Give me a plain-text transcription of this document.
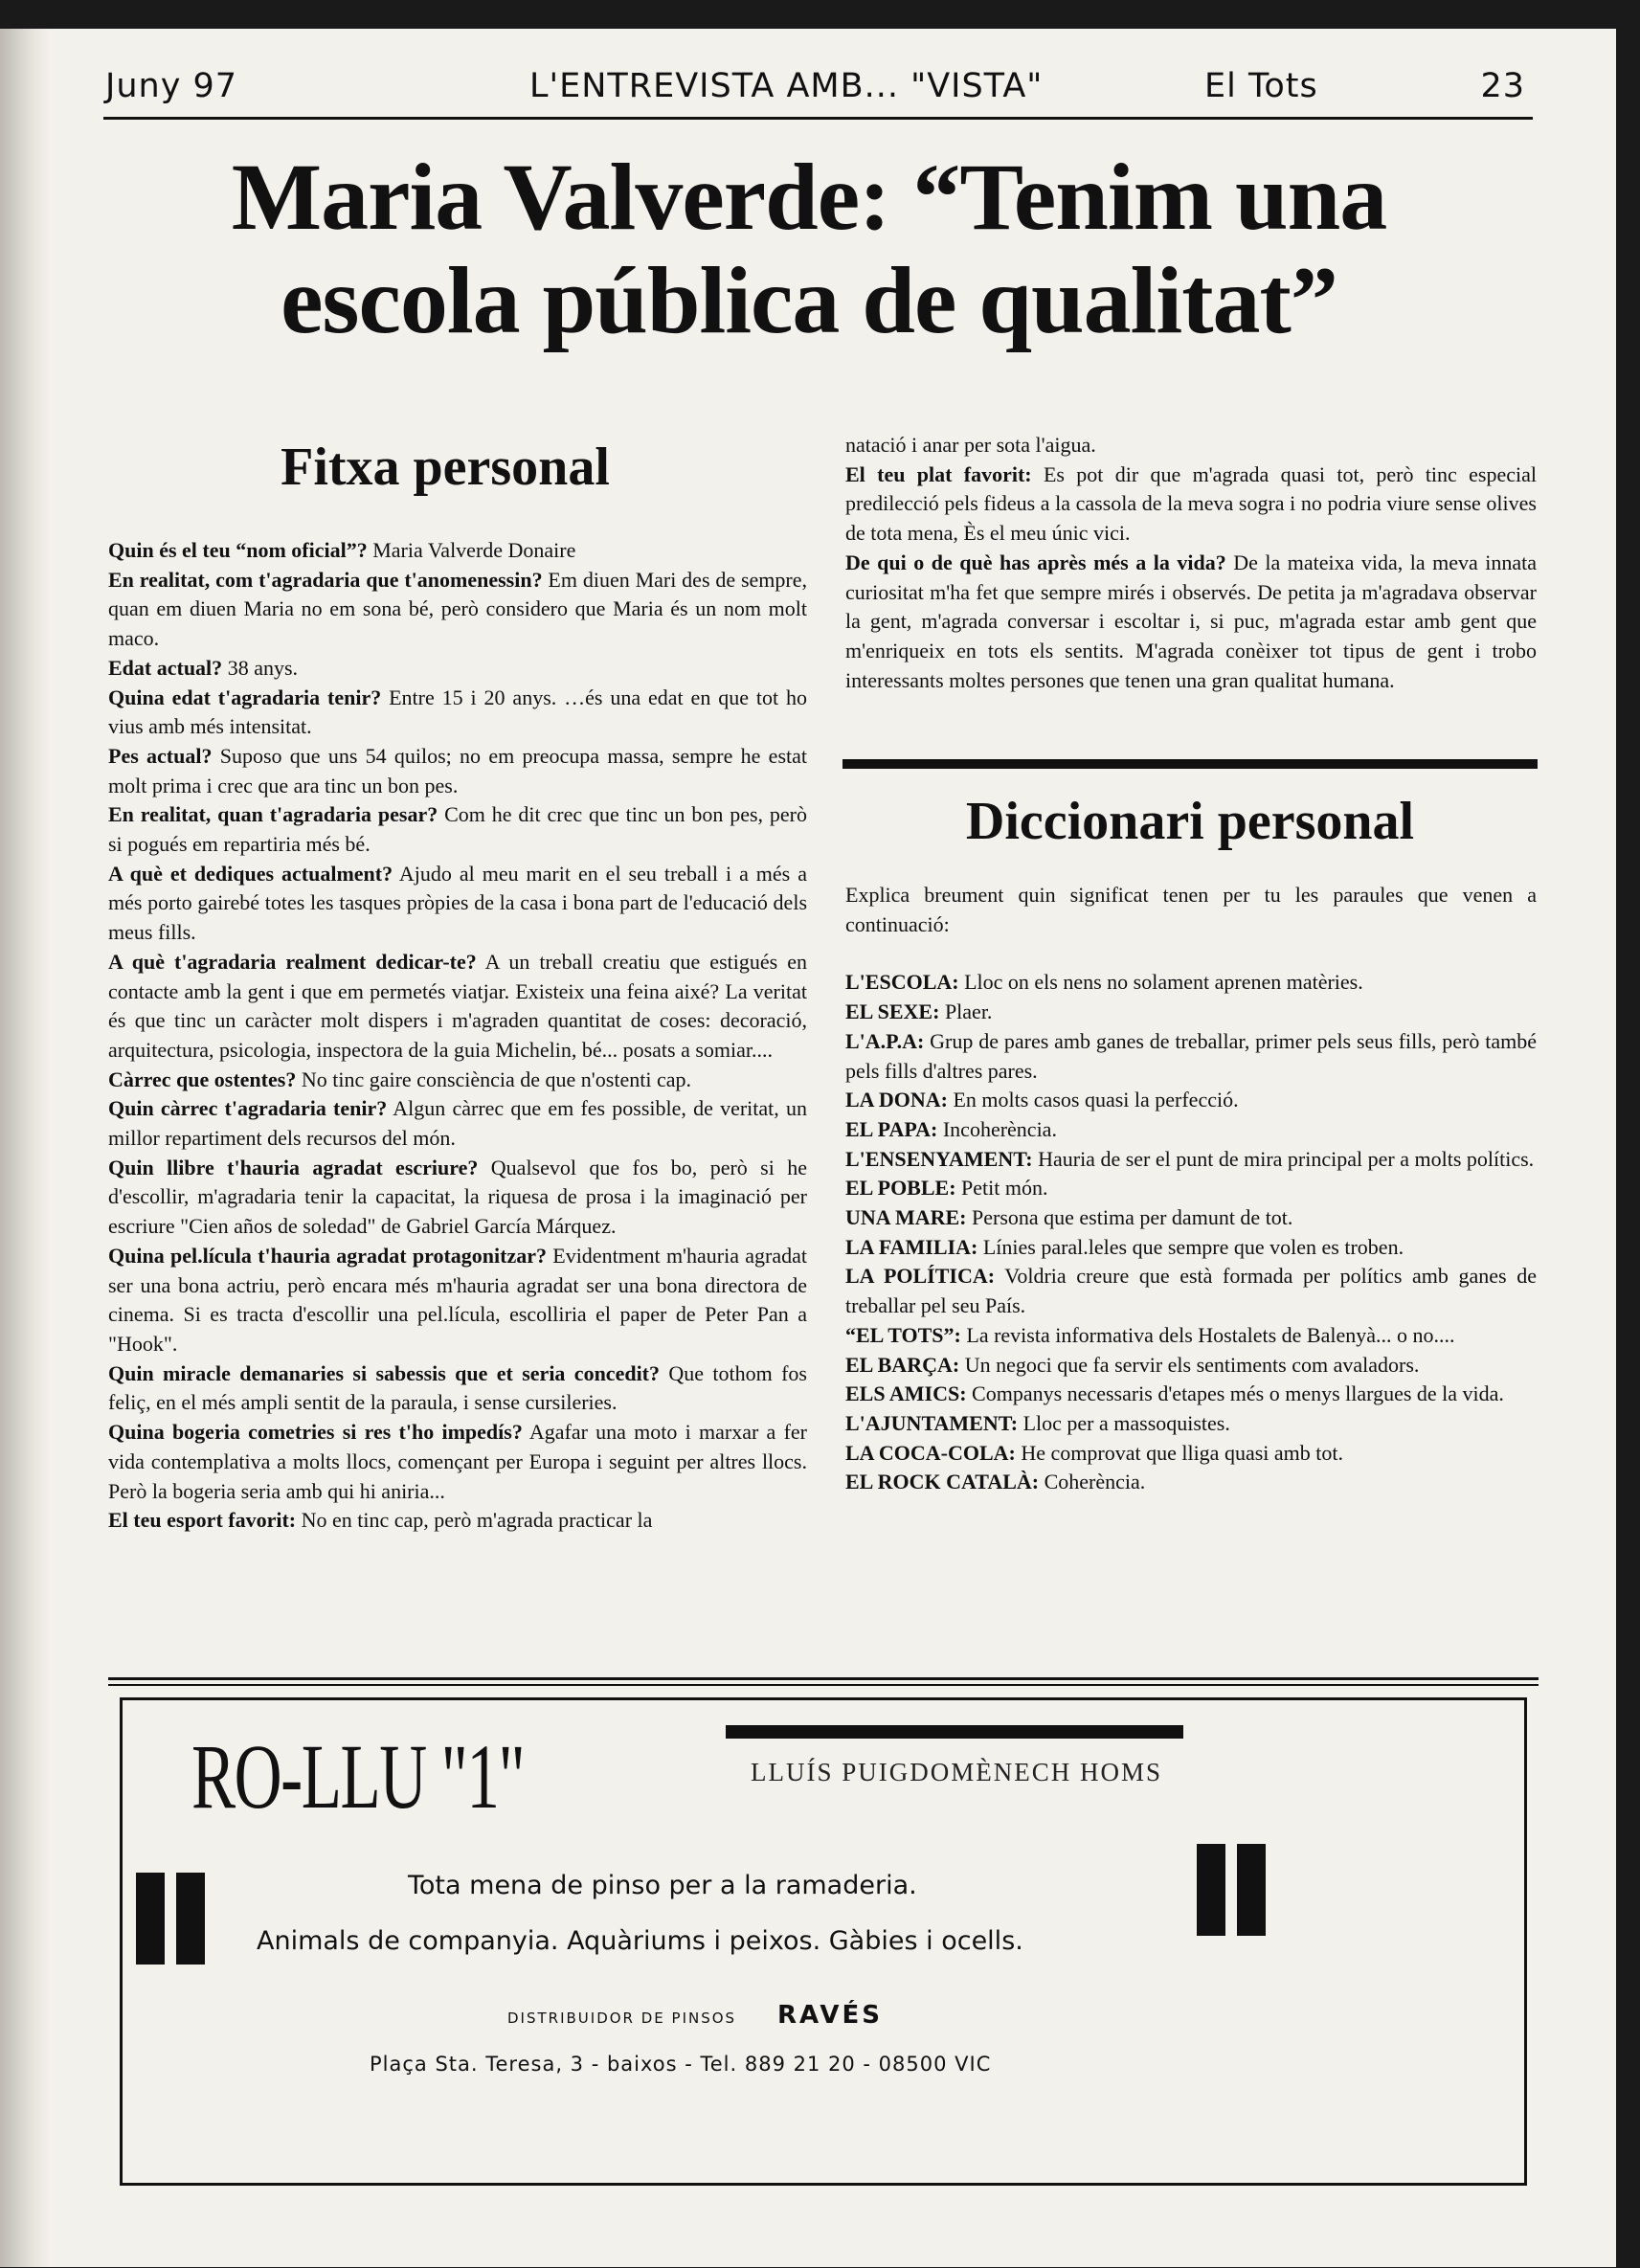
Juny 97	L'ENTREVISTA AMB... "VISTA"	El Tots	23
Maria Valverde: “Tenim una
escola pública de qualitat”
Fitxa personal

Quin és el teu “nom oficial”? Maria Valverde Donaire

En realitat, com t'agradaria que t'anomenessin? Em diuen Mari des de sempre, quan em diuen Maria no em sona bé, però considero que Maria és un nom molt maco.

Edat actual? 38 anys.

Quina edat t'agradaria tenir? Entre 15 i 20 anys. …és una edat en que tot ho vius amb més intensitat.

Pes actual? Suposo que uns 54 quilos; no em preocupa massa, sempre he estat molt prima i crec que ara tinc un bon pes.

En realitat, quan t'agradaria pesar? Com he dit crec que tinc un bon pes, però si pogués em repartiria més bé.

A què et dediques actualment? Ajudo al meu marit en el seu treball i a més a més porto gairebé totes les tasques pròpies de la casa i bona part de l'educació dels meus fills.

A què t'agradaria realment dedicar-te? A un treball creatiu que estigués en contacte amb la gent i que em permetés viatjar. Existeix una feina aixé? La veritat és que tinc un caràcter molt dispers i m'agraden quantitat de coses: decoració, arquitectura, psicologia, inspectora de la guia Michelin, bé... posats a somiar....

Càrrec que ostentes? No tinc gaire consciència de que n'ostenti cap.

Quin càrrec t'agradaria tenir? Algun càrrec que em fes possible, de veritat, un millor repartiment dels recursos del món.

Quin llibre t'hauria agradat escriure? Qualsevol que fos bo, però si he d'escollir, m'agradaria tenir la capacitat, la riquesa de prosa i la imaginació per escriure "Cien años de soledad" de Gabriel García Márquez.

Quina pel.lícula t'hauria agradat protagonitzar? Evidentment m'hauria agradat ser una bona actriu, però encara més m'hauria agradat ser una bona directora de cinema. Si es tracta d'escollir una pel.lícula, escolliria el paper de Peter Pan a "Hook".

Quin miracle demanaries si sabessis que et seria concedit? Que tothom fos feliç, en el més ampli sentit de la paraula, i sense cursileries.

Quina bogeria cometries si res t'ho impedís? Agafar una moto i marxar a fer vida contemplativa a molts llocs, començant per Europa i seguint per altres llocs. Però la bogeria seria amb qui hi aniria...

El teu esport favorit: No en tinc cap, però m'agrada practicar la

natació i anar per sota l'aigua.

El teu plat favorit: Es pot dir que m'agrada quasi tot, però tinc especial predilecció pels fideus a la cassola de la meva sogra i no podria viure sense olives de tota mena, Ès el meu únic vici.

De qui o de què has après més a la vida? De la mateixa vida, la meva innata curiositat m'ha fet que sempre mirés i observés. De petita ja m'agradava observar la gent, m'agrada conversar i escoltar i, si puc, m'agrada estar amb gent que m'enriqueix en tots els sentits. M'agrada conèixer tot tipus de gent i trobo interessants moltes persones que tenen una gran qualitat humana.

Diccionari personal

Explica breument quin significat tenen per tu les paraules que venen a continuació:

L'ESCOLA: Lloc on els nens no solament aprenen matèries.

EL SEXE: Plaer.

L'A.P.A: Grup de pares amb ganes de treballar, primer pels seus fills, però també pels fills d'altres pares.

LA DONA: En molts casos quasi la perfecció.

EL PAPA: Incoherència.

L'ENSENYAMENT: Hauria de ser el punt de mira principal per a molts polítics.

EL POBLE: Petit món.

UNA MARE: Persona que estima per damunt de tot.

LA FAMILIA: Línies paral.leles que sempre que volen es troben.

LA POLÍTICA: Voldria creure que està formada per polítics amb ganes de treballar pel seu País.

“EL TOTS”: La revista informativa dels Hostalets de Balenyà... o no....

EL BARÇA: Un negoci que fa servir els sentiments com avaladors.

ELS AMICS: Companys necessaris d'etapes més o menys llargues de la vida.

L'AJUNTAMENT: Lloc per a massoquistes.

LA COCA-COLA: He comprovat que lliga quasi amb tot.

EL ROCK CATALÀ: Coherència.

RO-LLU "1"	LLUÍS PUIGDOMÈNECH HOMS
Tota mena de pinso per a la ramaderia.
Animals de companyia. Aquàriums i peixos. Gàbies i ocells.
DISTRIBUIDOR DE PINSOS RAVÉS
Plaça Sta. Teresa, 3 - baixos - Tel. 889 21 20 - 08500 VIC
